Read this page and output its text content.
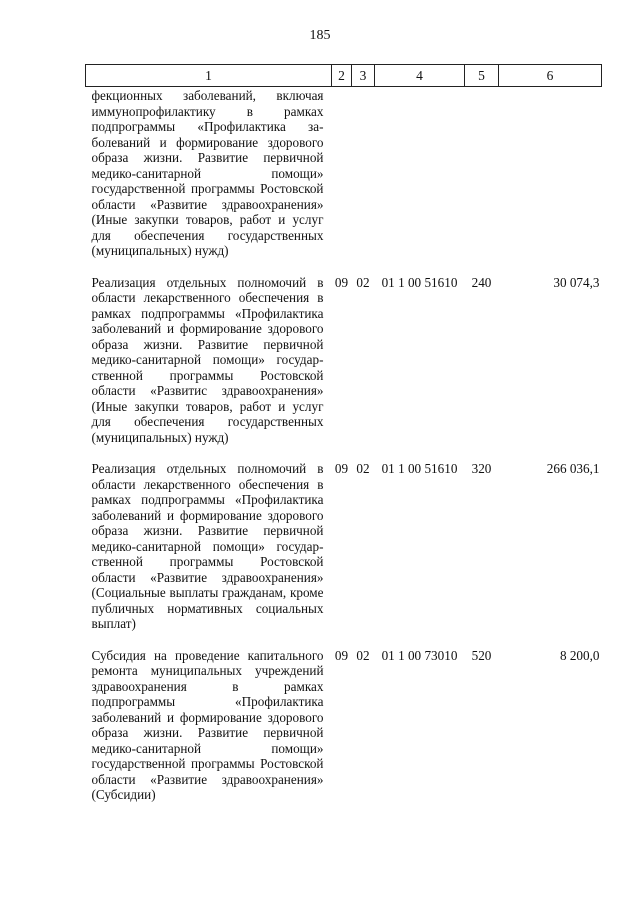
185
1	2	3	4	5	6
фекционных заболеваний, включая иммунопрофилактику в рамках подпрограммы «Профилактика заболеваний и формирование здорового образа жизни. Развитие первичной медико-санитарной помощи» государственной программы Ростовской области «Развитие здравоохранения» (Иные закупки товаров, работ и услуг для обеспечения государственных (муниципальных) нужд)					
Реализация отдельных полномочий в области лекарственного обеспечения в рамках подпрограммы «Профилактика заболеваний и формирование здорового образа жизни. Развитие первичной медико-санитарной помощи» государственной программы Ростовской области «Развитис здравоохранения» (Иные закупки товаров, работ и услуг для обеспечения государственных (муниципальных) нужд)	09	02	01 1 00 51610	240	30 074,3
Реализация отдельных полномочий в области лекарственного обеспечения в рамках подпрограммы «Профилактика заболеваний и формирование здорового образа жизни. Развитие первичной медико-санитарной помощи» государственной программы Ростовской области «Развитие здравоохранения» (Социальные выплаты гражданам, кроме публичных нормативных социальных выплат)	09	02	01 1 00 51610	320	266 036,1
Субсидия на проведение капитального ремонта муниципальных учреждений здравоохранения в рамках подпрограммы «Профилактика заболеваний и формирование здорового образа жизни. Развитие первичной медико-санитарной помощи» государственной программы Ростовской области «Развитие здравоохранения» (Субсидии)	09	02	01 1 00 73010	520	8 200,0
